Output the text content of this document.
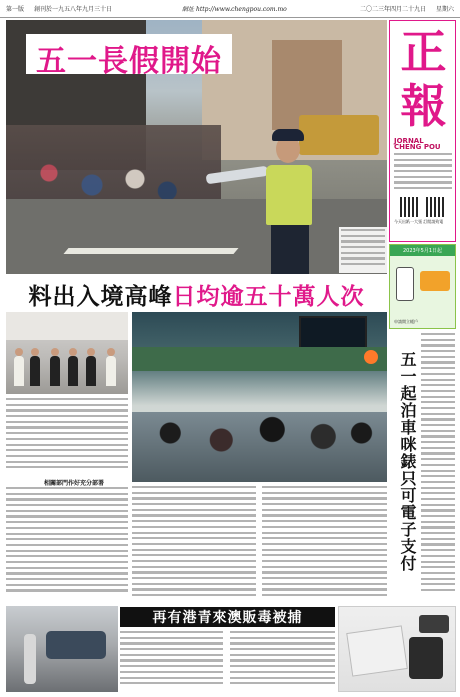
第一版 創刊於一九五八年九月三十日	網址 http://www.chengpou.com.mo	二〇二三年四月二十九日 星期六
五一長假開始	正
報
JORNAL CHENG POU
今天出紙一大張 訂閱請致電
2023年5月1日起
申請開立帳戶
料出入境高峰 日均逾五十萬人次
相關部門作好充分部署	五一起泊車咪錶只可電子支付
再有港青來澳販毒被捕
